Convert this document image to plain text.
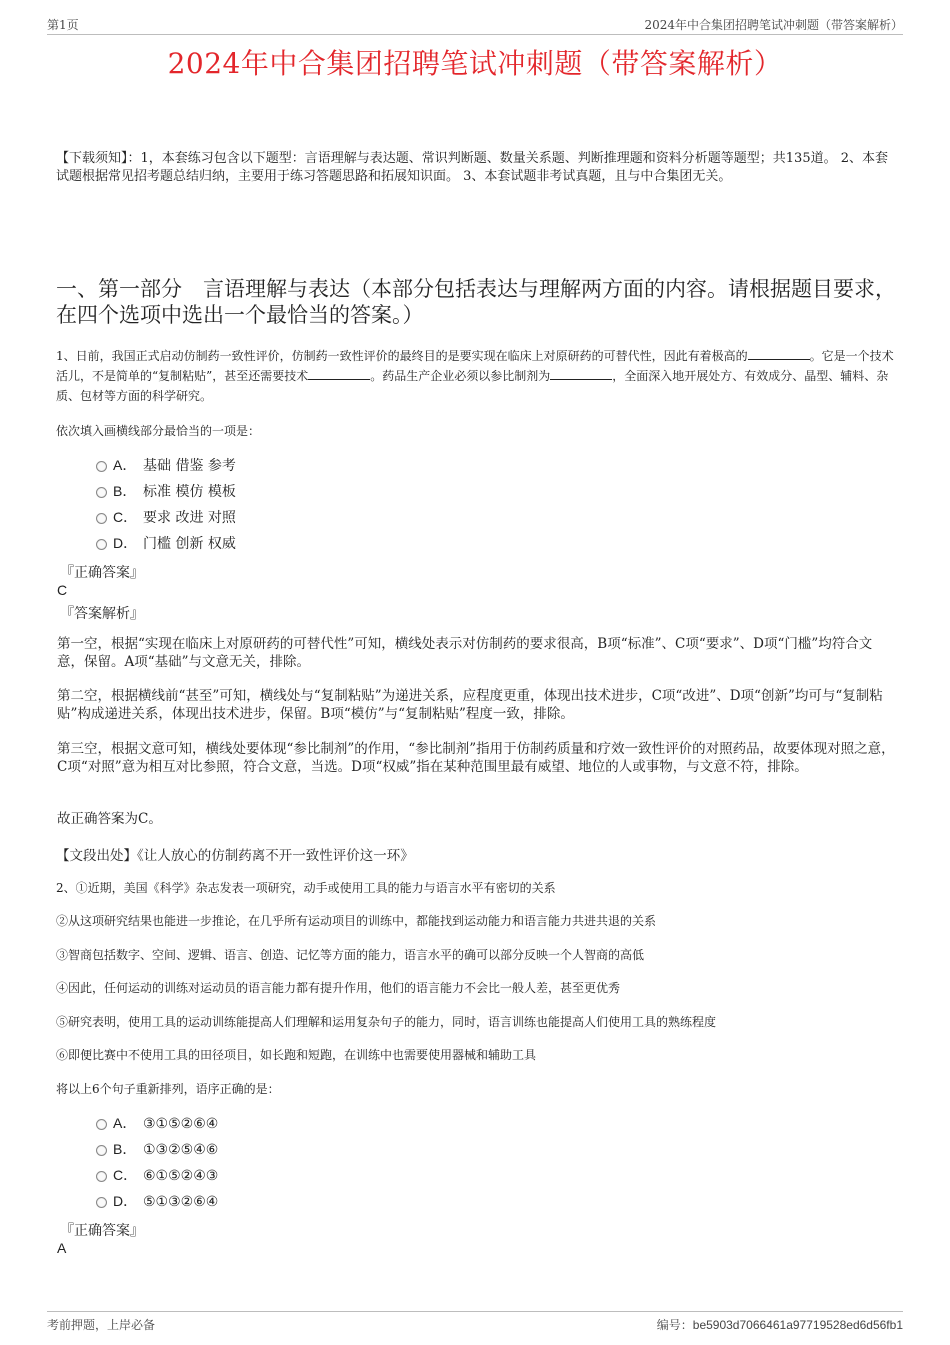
第1页	2024年中合集团招聘笔试冲刺题（带答案解析）
2024年中合集团招聘笔试冲刺题（带答案解析）
【下载须知】：1，本套练习包含以下题型：言语理解与表达题、常识判断题、数量关系题、判断推理题和资料分析题等题型；共135道。 2、本套试题根据常见招考题总结归纳，主要用于练习答题思路和拓展知识面。 3、本套试题非考试真题，且与中合集团无关。
一、第一部分　言语理解与表达（本部分包括表达与理解两方面的内容。请根据题目要求，在四个选项中选出一个最恰当的答案。）
1、日前，我国正式启动仿制药一致性评价，仿制药一致性评价的最终目的是要实现在临床上对原研药的可替代性，因此有着极高的	。它是一个技术活儿，不是简单的“复制粘贴”，甚至还需要技术	。药品生产企业必须以参比制剂为	，全面深入地开展处方、有效成分、晶型、辅料、杂质、包材等方面的科学研究。
依次填入画横线部分最恰当的一项是：
A． 基础 借鉴 参考
B． 标准 模仿 模板
C． 要求 改进 对照
D． 门槛 创新 权威
『正确答案』
C
『答案解析』
第一空，根据“实现在临床上对原研药的可替代性”可知，横线处表示对仿制药的要求很高，B项“标准”、C项“要求”、D项“门槛”均符合文意，保留。A项“基础”与文意无关，排除。
第二空，根据横线前“甚至”可知，横线处与“复制粘贴”为递进关系，应程度更重，体现出技术进步，C项“改进”、D项“创新”均可与“复制粘贴”构成递进关系，体现出技术进步，保留。B项“模仿”与“复制粘贴”程度一致，排除。
第三空，根据文意可知，横线处要体现“参比制剂”的作用，“参比制剂”指用于仿制药质量和疗效一致性评价的对照药品，故要体现对照之意，C项“对照”意为相互对比参照，符合文意，当选。D项“权威”指在某种范围里最有威望、地位的人或事物，与文意不符，排除。
故正确答案为C。
【文段出处】《让人放心的仿制药离不开一致性评价这一环》
2、①近期，美国《科学》杂志发表一项研究，动手或使用工具的能力与语言水平有密切的关系
②从这项研究结果也能进一步推论，在几乎所有运动项目的训练中，都能找到运动能力和语言能力共进共退的关系
③智商包括数字、空间、逻辑、语言、创造、记忆等方面的能力，语言水平的确可以部分反映一个人智商的高低
④因此，任何运动的训练对运动员的语言能力都有提升作用，他们的语言能力不会比一般人差，甚至更优秀
⑤研究表明，使用工具的运动训练能提高人们理解和运用复杂句子的能力，同时，语言训练也能提高人们使用工具的熟练程度
⑥即便比赛中不使用工具的田径项目，如长跑和短跑，在训练中也需要使用器械和辅助工具
将以上6个句子重新排列，语序正确的是：
A． ③①⑤②⑥④
B． ①③②⑤④⑥
C． ⑥①⑤②④③
D． ⑤①③②⑥④
『正确答案』
A
考前押题，上岸必备	编号：be5903d7066461a97719528ed6d56fb1
